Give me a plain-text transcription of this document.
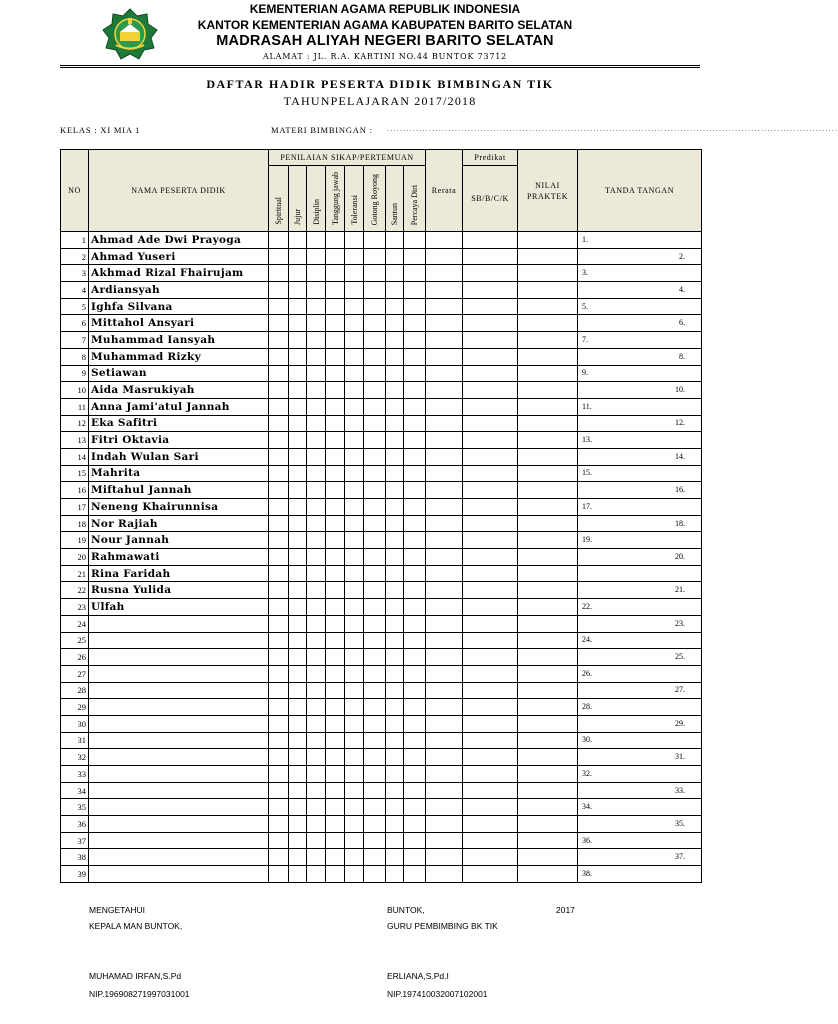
KEMENTERIAN AGAMA REPUBLIK INDONESIA
KANTOR KEMENTERIAN AGAMA KABUPATEN BARITO SELATAN
MADRASAH ALIYAH NEGERI BARITO SELATAN
ALAMAT : JL. R.A. KARTINI NO.44 BUNTOK 73712
DAFTAR HADIR PESERTA DIDIK BIMBINGAN TIK
TAHUNPELAJARAN 2017/2018
KELAS : XI MIA 1	MATERI BIMBINGAN : ............................................................................................................................................
NO	NAMA PESERTA DIDIK	PENILAIAN SIKAP/PERTEMUAN								Rerata	Predikat	NILAI PRAKTEK	TANDA TANGAN
		Spiritual	Jujur	Disiplin	Tanggung jawab	Toleransi	Gotong Royong	Santun	Percaya Diri		SB/B/C/K		

1	Ahmad Ade Dwi Prayoga												1.
2	Ahmad Yuseri												2.
3	Akhmad Rizal Fhairujam												3.
4	Ardiansyah												4.
5	Ighfa Silvana												5.
6	Mittahol Ansyari												6.
7	Muhammad Iansyah												7.
8	Muhammad Rizky												8.
9	Setiawan												9.
10	Aida Masrukiyah												10.
11	Anna Jami'atul Jannah												11.
12	Eka Safitri												12.
13	Fitri Oktavia												13.
14	Indah Wulan Sari												14.
15	Mahrita												15.
16	Miftahul Jannah												16.
17	Neneng Khairunnisa												17.
18	Nor Rajiah												18.
19	Nour Jannah												19.
20	Rahmawati												20.
21	Rina Faridah												
22	Rusna Yulida												21.
23	Ulfah												22.
24													23.
25													24.
26													25.
27													26.
28													27.
29													28.
30													29.
31													30.
32													31.
33													32.
34													33.
35													34.
36													35.
37													36.
38													37.
39													38.
MENGETAHUI
KEPALA MAN BUNTOK,
MUHAMAD IRFAN,S.Pd
NIP.196908271997031001
BUNTOK,	2017
GURU PEMBIMBING BK TIK
ERLIANA,S.Pd.I
NIP.197410032007102001
